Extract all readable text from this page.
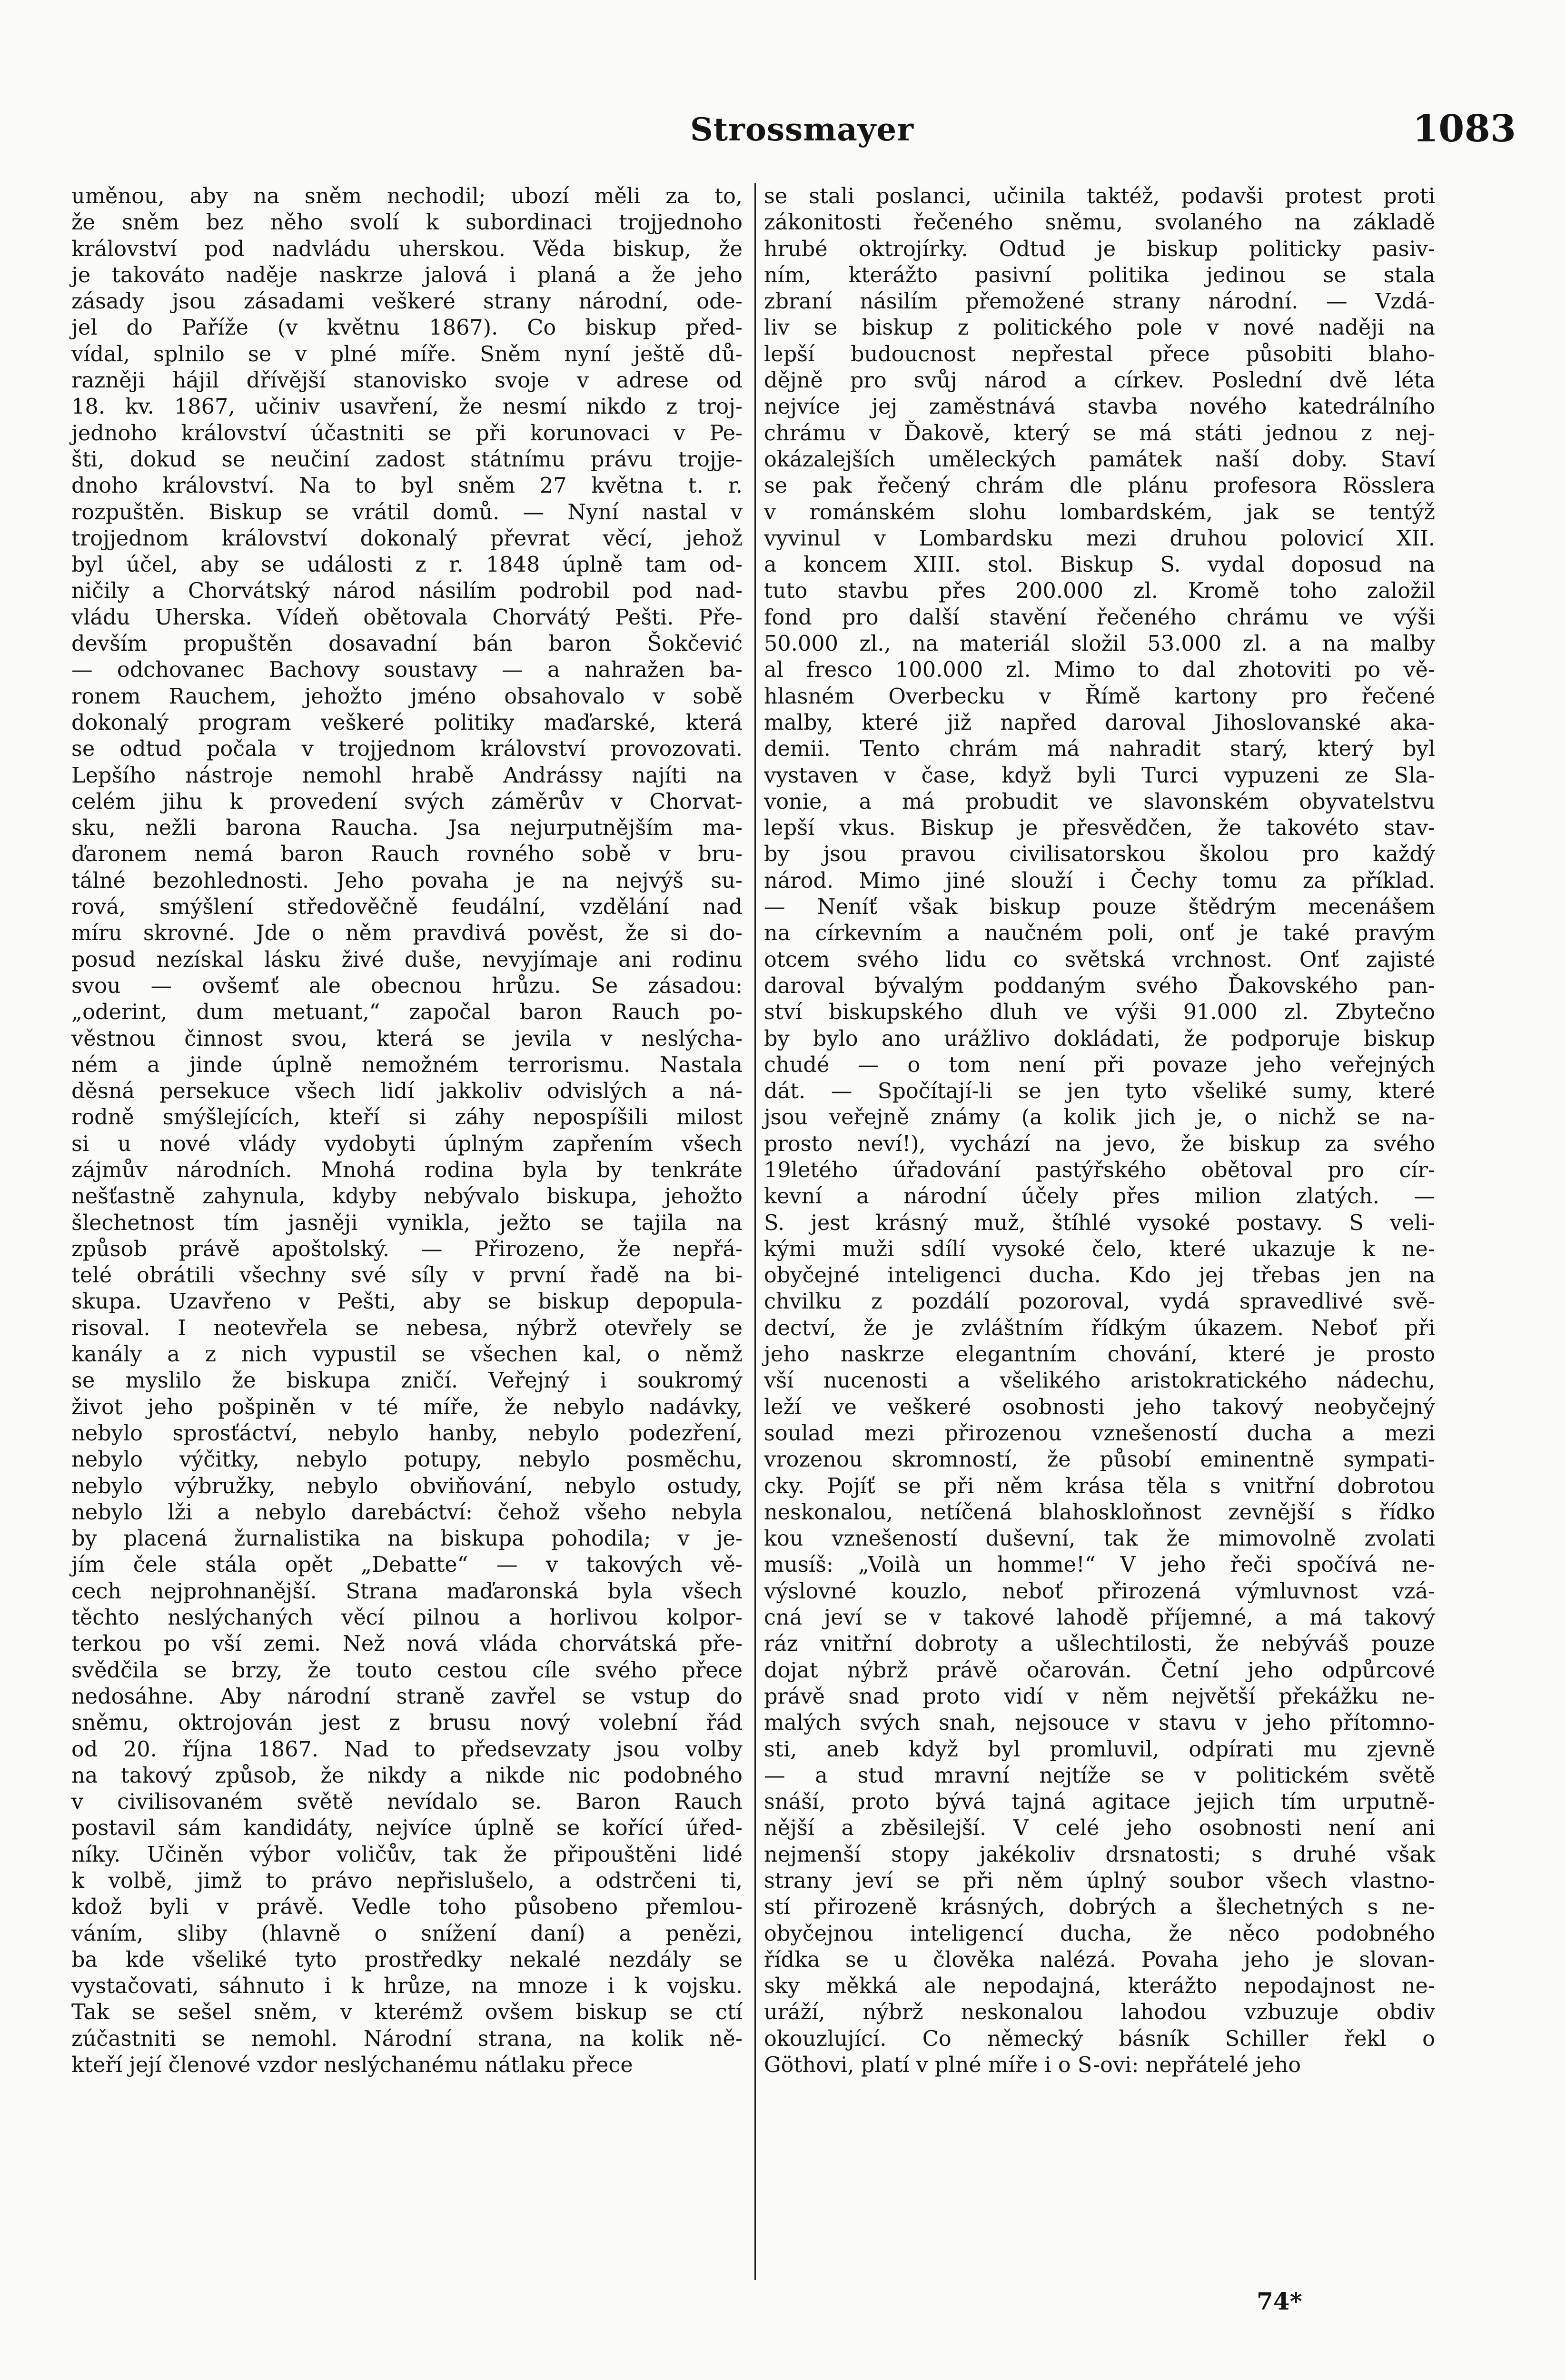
Strossmayer	1083
uměnou, aby na sněm nechodil; ubozí měli za to,
že sněm bez něho svolí k subordinaci trojjednoho
království pod nadvládu uherskou. Věda biskup, že
je takováto naděje naskrze jalová i planá a že jeho
zásady jsou zásadami veškeré strany národní, ode-
jel do Paříže (v květnu 1867). Co biskup před-
vídal, splnilo se v plné míře. Sněm nyní ještě dů-
razněji hájil dřívější stanovisko svoje v adrese od
18. kv. 1867, učiniv usavření, že nesmí nikdo z troj-
jednoho království účastniti se při korunovaci v Pe-
šti, dokud se neučiní zadost státnímu právu trojje-
dnoho království. Na to byl sněm 27 května t. r.
rozpuštěn. Biskup se vrátil domů. — Nyní nastal v
trojjednom království dokonalý převrat věcí, jehož
byl účel, aby se události z r. 1848 úplně tam od-
ničily a Chorvátský národ násilím podrobil pod nad-
vládu Uherska. Vídeň obětovala Chorvátý Pešti. Pře-
devším propuštěn dosavadní bán baron Šokčević
— odchovanec Bachovy soustavy — a nahražen ba-
ronem Rauchem, jehožto jméno obsahovalo v sobě
dokonalý program veškeré politiky maďarské, která
se odtud počala v trojjednom království provozovati.
Lepšího nástroje nemohl hrabě Andrássy najíti na
celém jihu k provedení svých záměrův v Chorvat-
sku, nežli barona Raucha. Jsa nejurputnějším ma-
ďaronem nemá baron Rauch rovného sobě v bru-
tálné bezohlednosti. Jeho povaha je na nejvýš su-
rová, smýšlení středověčně feudální, vzdělání nad
míru skrovné. Jde o něm pravdivá pověst, že si do-
posud nezískal lásku živé duše, nevyjímaje ani rodinu
svou — ovšemť ale obecnou hrůzu. Se zásadou:
„oderint, dum metuant,“ započal baron Rauch po-
věstnou činnost svou, která se jevila v neslýcha-
ném a jinde úplně nemožném terrorismu. Nastala
děsná persekuce všech lidí jakkoliv odvislých a ná-
rodně smýšlejících, kteří si záhy nepospíšili milost
si u nové vlády vydobyti úplným zapřením všech
zájmův národních. Mnohá rodina byla by tenkráte
nešťastně zahynula, kdyby nebývalo biskupa, jehožto
šlechetnost tím jasněji vynikla, ježto se tajila na
způsob právě apoštolský. — Přirozeno, že nepřá-
telé obrátili všechny své síly v první řadě na bi-
skupa. Uzavřeno v Pešti, aby se biskup depopula-
risoval. I neotevřela se nebesa, nýbrž otevřely se
kanály a z nich vypustil se všechen kal, o němž
se myslilo že biskupa zničí. Veřejný i soukromý
život jeho pošpiněn v té míře, že nebylo nadávky,
nebylo sprosťáctví, nebylo hanby, nebylo podezření,
nebylo výčitky, nebylo potupy, nebylo posměchu,
nebylo výbružky, nebylo obviňování, nebylo ostudy,
nebylo lži a nebylo darebáctví: čehož všeho nebyla
by placená žurnalistika na biskupa pohodila; v je-
jím čele stála opět „Debatte“ — v takových vě-
cech nejprohnanější. Strana maďaronská byla všech
těchto neslýchaných věcí pilnou a horlivou kolpor-
terkou po vší zemi. Než nová vláda chorvátská pře-
svědčila se brzy, že touto cestou cíle svého přece
nedosáhne. Aby národní straně zavřel se vstup do
sněmu, oktrojován jest z brusu nový volební řád
od 20. října 1867. Nad to předsevzaty jsou volby
na takový způsob, že nikdy a nikde nic podobného
v civilisovaném světě nevídalo se. Baron Rauch
postavil sám kandidáty, nejvíce úplně se kořící úřed-
níky. Učiněn výbor voličův, tak že připouštěni lidé
k volbě, jimž to právo nepřislušelo, a odstrčeni ti,
kdož byli v právě. Vedle toho působeno přemlou-
váním, sliby (hlavně o snížení daní) a penězi,
ba kde všeliké tyto prostředky nekalé nezdály se
vystačovati, sáhnuto i k hrůze, na mnoze i k vojsku.
Tak se sešel sněm, v kterémž ovšem biskup se ctí
zúčastniti se nemohl. Národní strana, na kolik ně-
kteří její členové vzdor neslýchanému nátlaku přece
se stali poslanci, učinila taktéž, podavši protest proti
zákonitosti řečeného sněmu, svolaného na základě
hrubé oktrojírky. Odtud je biskup politicky pasiv-
ním, kterážto pasivní politika jedinou se stala
zbraní násilím přemožené strany národní. — Vzdá-
liv se biskup z politického pole v nové naději na
lepší budoucnost nepřestal přece působiti blaho-
dějně pro svůj národ a církev. Poslední dvě léta
nejvíce jej zaměstnává stavba nového katedrálního
chrámu v Ďakově, který se má státi jednou z nej-
okázalejších uměleckých památek naší doby. Staví
se pak řečený chrám dle plánu profesora Rösslera
v románském slohu lombardském, jak se tentýž
vyvinul v Lombardsku mezi druhou polovicí XII.
a koncem XIII. stol. Biskup S. vydal doposud na
tuto stavbu přes 200.000 zl. Kromě toho založil
fond pro další stavění řečeného chrámu ve výši
50.000 zl., na materiál složil 53.000 zl. a na malby
al fresco 100.000 zl. Mimo to dal zhotoviti po vě-
hlasném Overbecku v Římě kartony pro řečené
malby, které již napřed daroval Jihoslovanské aka-
demii. Tento chrám má nahradit starý, který byl
vystaven v čase, když byli Turci vypuzeni ze Sla-
vonie, a má probudit ve slavonském obyvatelstvu
lepší vkus. Biskup je přesvědčen, že takovéto stav-
by jsou pravou civilisatorskou školou pro každý
národ. Mimo jiné slouží i Čechy tomu za příklad.
— Neníť však biskup pouze štědrým mecenášem
na církevním a naučném poli, onť je také pravým
otcem svého lidu co světská vrchnost. Onť zajisté
daroval bývalým poddaným svého Ďakovského pan-
ství biskupského dluh ve výši 91.000 zl. Zbytečno
by bylo ano urážlivo dokládati, že podporuje biskup
chudé — o tom není při povaze jeho veřejných
dát. — Spočítají-li se jen tyto všeliké sumy, které
jsou veřejně známy (a kolik jich je, o nichž se na-
prosto neví!), vychází na jevo, že biskup za svého
19letého úřadování pastýřského obětoval pro cír-
kevní a národní účely přes milion zlatých. —
S. jest krásný muž, štíhlé vysoké postavy. S veli-
kými muži sdílí vysoké čelo, které ukazuje k ne-
obyčejné inteligenci ducha. Kdo jej třebas jen na
chvilku z pozdálí pozoroval, vydá spravedlivé svě-
dectví, že je zvláštním řídkým úkazem. Neboť při
jeho naskrze elegantním chování, které je prosto
vší nucenosti a všelikého aristokratického nádechu,
leží ve veškeré osobnosti jeho takový neobyčejný
soulad mezi přirozenou vznešeností ducha a mezi
vrozenou skromností, že působí eminentně sympati-
cky. Pojíť se při něm krása těla s vnitřní dobrotou
neskonalou, netíčená blahoskloňnost zevnější s řídko
kou vznešeností duševní, tak že mimovolně zvolati
musíš: „Voilà un homme!“ V jeho řeči spočívá ne-
výslovné kouzlo, neboť přirozená výmluvnost vzá-
cná jeví se v takové lahodě příjemné, a má takový
ráz vnitřní dobroty a ušlechtilosti, že nebýváš pouze
dojat nýbrž právě očarován. Četní jeho odpůrcové
právě snad proto vidí v něm největší překážku ne-
malých svých snah, nejsouce v stavu v jeho přítomno-
sti, aneb když byl promluvil, odpírati mu zjevně
— a stud mravní nejtíže se v politickém světě
snáší, proto bývá tajná agitace jejich tím urputně-
nější a zběsilejší. V celé jeho osobnosti není ani
nejmenší stopy jakékoliv drsnatosti; s druhé však
strany jeví se při něm úplný soubor všech vlastno-
stí přirozeně krásných, dobrých a šlechetných s ne-
obyčejnou inteligencí ducha, že něco podobného
řídka se u člověka nalézá. Povaha jeho je slovan-
sky měkká ale nepodajná, kterážto nepodajnost ne-
uráží, nýbrž neskonalou lahodou vzbuzuje obdiv
okouzlující. Co německý básník Schiller řekl o
Göthovi, platí v plné míře i o S-ovi: nepřátelé jeho
74*
